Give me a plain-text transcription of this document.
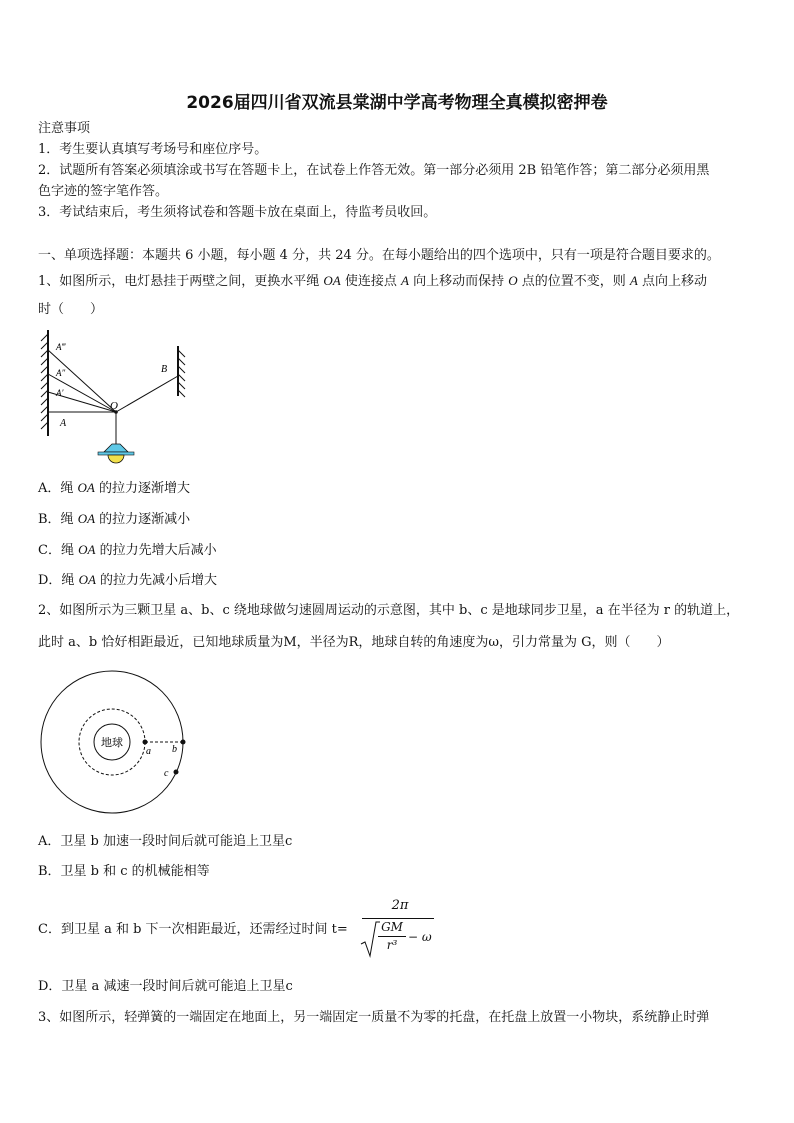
2026届四川省双流县棠湖中学高考物理全真模拟密押卷
注意事项
1．考生要认真填写考场号和座位序号。
2．试题所有答案必须填涂或书写在答题卡上，在试卷上作答无效。第一部分必须用 2B 铅笔作答；第二部分必须用黑
色字迹的签字笔作答。
3．考试结束后，考生须将试卷和答题卡放在桌面上，待监考员收回。
一、单项选择题：本题共 6 小题，每小题 4 分，共 24 分。在每小题给出的四个选项中，只有一项是符合题目要求的。
1、如图所示，电灯悬挂于两壁之间，更换水平绳 OA 使连接点 A 向上移动而保持 O 点的位置不变，则 A 点向上移动
时（　　）
A‴
A″
A′
A
O
B
A．绳 OA 的拉力逐渐增大
B．绳 OA 的拉力逐渐减小
C．绳 OA 的拉力先增大后减小
D．绳 OA 的拉力先减小后增大
2、如图所示为三颗卫星 a、b、c 绕地球做匀速圆周运动的示意图，其中 b、c 是地球同步卫星，a 在半径为 r 的轨道上，
此时 a、b 恰好相距最近，已知地球质量为M，半径为R，地球自转的角速度为ω，引力常量为 G，则（　　）
地球
a b
c
A．卫星 b 加速一段时间后就可能追上卫星c
B．卫星 b 和 c 的机械能相等
C．到卫星 a 和 b 下一次相距最近，还需经过时间 t=
2π
GM
r³
− ω
D．卫星 a 减速一段时间后就可能追上卫星c
3、如图所示，轻弹簧的一端固定在地面上，另一端固定一质量不为零的托盘，在托盘上放置一小物块，系统静止时弹
